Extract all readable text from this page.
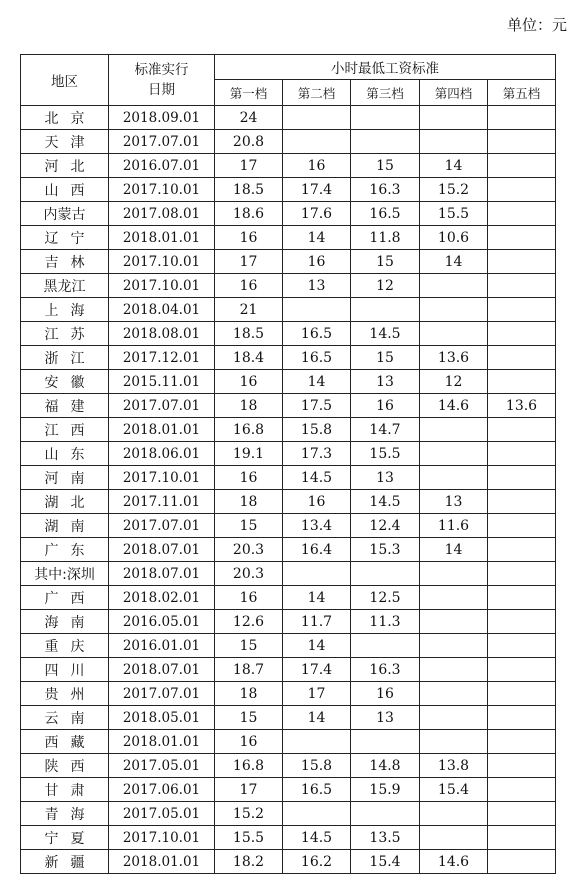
单位：元
地区	标准实行日期	小时最低工资标准				
		第一档	第二档	第三档	第四档	第五档
北京	2018.09.01	24				
天津	2017.07.01	20.8				
河北	2016.07.01	17	16	15	14	
山西	2017.10.01	18.5	17.4	16.3	15.2	
内蒙古	2017.08.01	18.6	17.6	16.5	15.5	
辽宁	2018.01.01	16	14	11.8	10.6	
吉林	2017.10.01	17	16	15	14	
黑龙江	2017.10.01	16	13	12		
上海	2018.04.01	21				
江苏	2018.08.01	18.5	16.5	14.5		
浙江	2017.12.01	18.4	16.5	15	13.6	
安徽	2015.11.01	16	14	13	12	
福建	2017.07.01	18	17.5	16	14.6	13.6
江西	2018.01.01	16.8	15.8	14.7		
山东	2018.06.01	19.1	17.3	15.5		
河南	2017.10.01	16	14.5	13		
湖北	2017.11.01	18	16	14.5	13	
湖南	2017.07.01	15	13.4	12.4	11.6	
广东	2018.07.01	20.3	16.4	15.3	14	
其中:深圳	2018.07.01	20.3				
广西	2018.02.01	16	14	12.5		
海南	2016.05.01	12.6	11.7	11.3		
重庆	2016.01.01	15	14			
四川	2018.07.01	18.7	17.4	16.3		
贵州	2017.07.01	18	17	16		
云南	2018.05.01	15	14	13		
西藏	2018.01.01	16				
陕西	2017.05.01	16.8	15.8	14.8	13.8	
甘肃	2017.06.01	17	16.5	15.9	15.4	
青海	2017.05.01	15.2				
宁夏	2017.10.01	15.5	14.5	13.5		
新疆	2018.01.01	18.2	16.2	15.4	14.6	
